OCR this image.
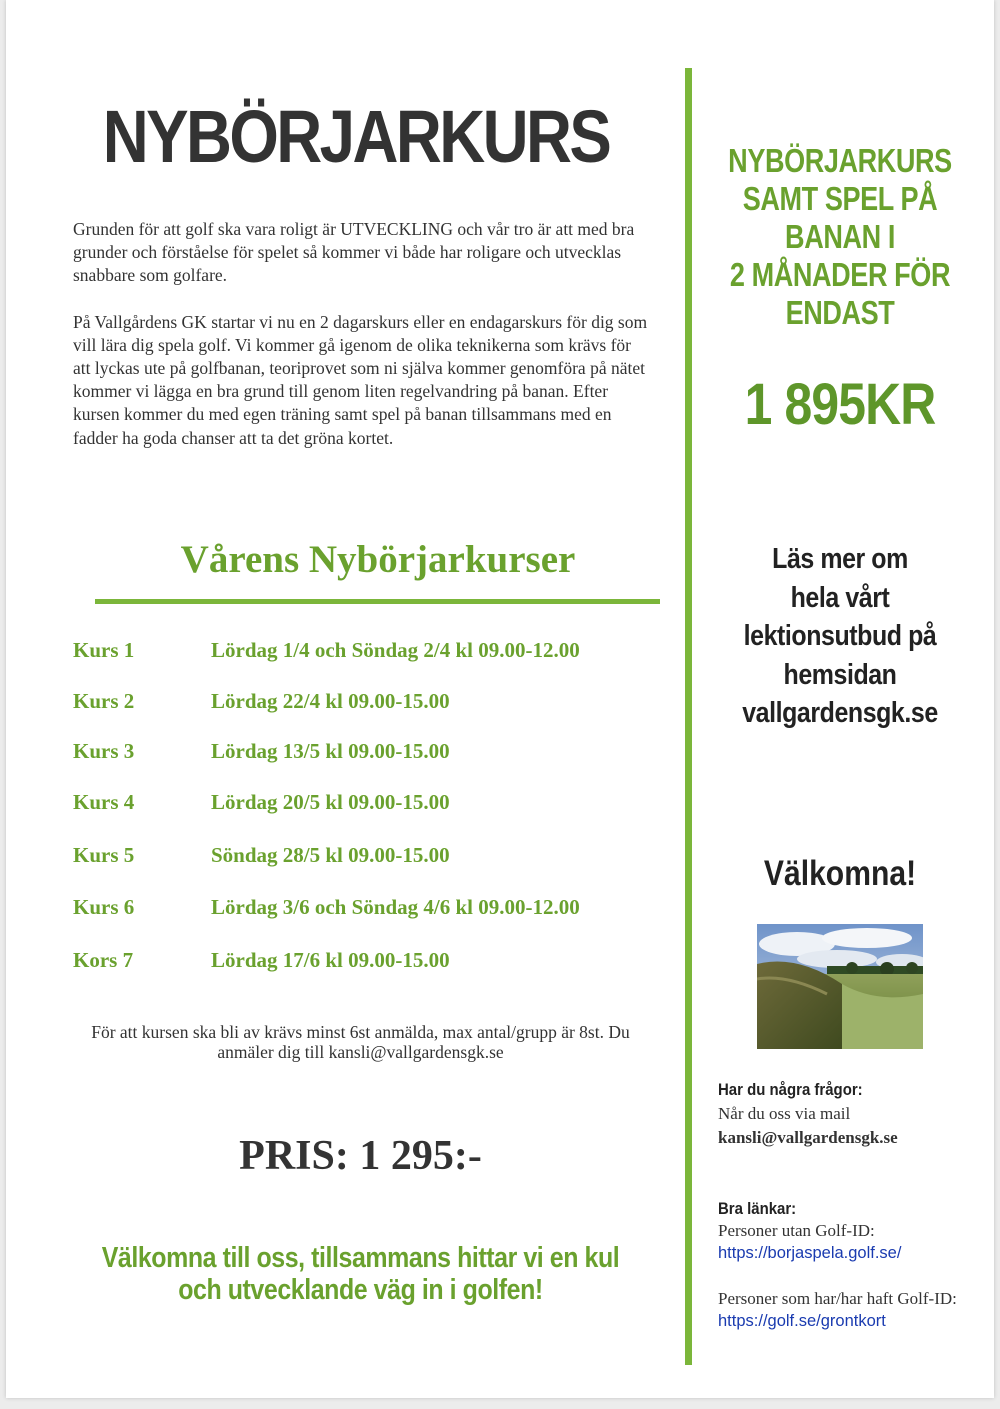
NYBÖRJARKURS

Grunden för att golf ska vara roligt är UTVECKLING och vår tro är att med bra grunder och förståelse för spelet så kommer vi både har roligare och utvecklas snabbare som golfare.

På Vallgårdens GK startar vi nu en 2 dagarskurs eller en endagarskurs för dig som vill lära dig spela golf. Vi kommer gå igenom de olika teknikerna som krävs för att lyckas ute på golfbanan, teoriprovet som ni själva kommer genomföra på nätet kommer vi lägga en bra grund till genom liten regelvandring på banan. Efter kursen kommer du med egen träning samt spel på banan tillsammans med en fadder ha goda chanser att ta det gröna kortet.

Vårens Nybörjarkurser
Kurs 1	Lördag 1/4 och Söndag 2/4 kl 09.00-12.00
Kurs 2	Lördag 22/4 kl 09.00-15.00
Kurs 3	Lördag 13/5 kl 09.00-15.00
Kurs 4	Lördag 20/5 kl 09.00-15.00
Kurs 5	Söndag 28/5 kl 09.00-15.00
Kurs 6	Lördag 3/6 och Söndag 4/6 kl 09.00-12.00
Kors 7	Lördag 17/6 kl 09.00-15.00
För att kursen ska bli av krävs minst 6st anmälda, max antal/grupp är 8st. Du anmäler dig till kansli@vallgardensgk.se
PRIS: 1 295:-
Välkomna till oss, tillsammans hittar vi en kul och utvecklande väg in i golfen!
NYBÖRJARKURS
SAMT SPEL PÅ
BANAN I
2 MÅNADER FÖR
ENDAST
1 895KR
Läs mer om
hela vårt
lektionsutbud på
hemsidan
vallgardensgk.se
Välkomna!
Har du några frågor:
Når du oss via mail
kansli@vallgardensgk.se
Bra länkar:
Personer utan Golf-ID:
https://borjaspela.golf.se/
Personer som har/har haft Golf-ID:
https://golf.se/grontkort
